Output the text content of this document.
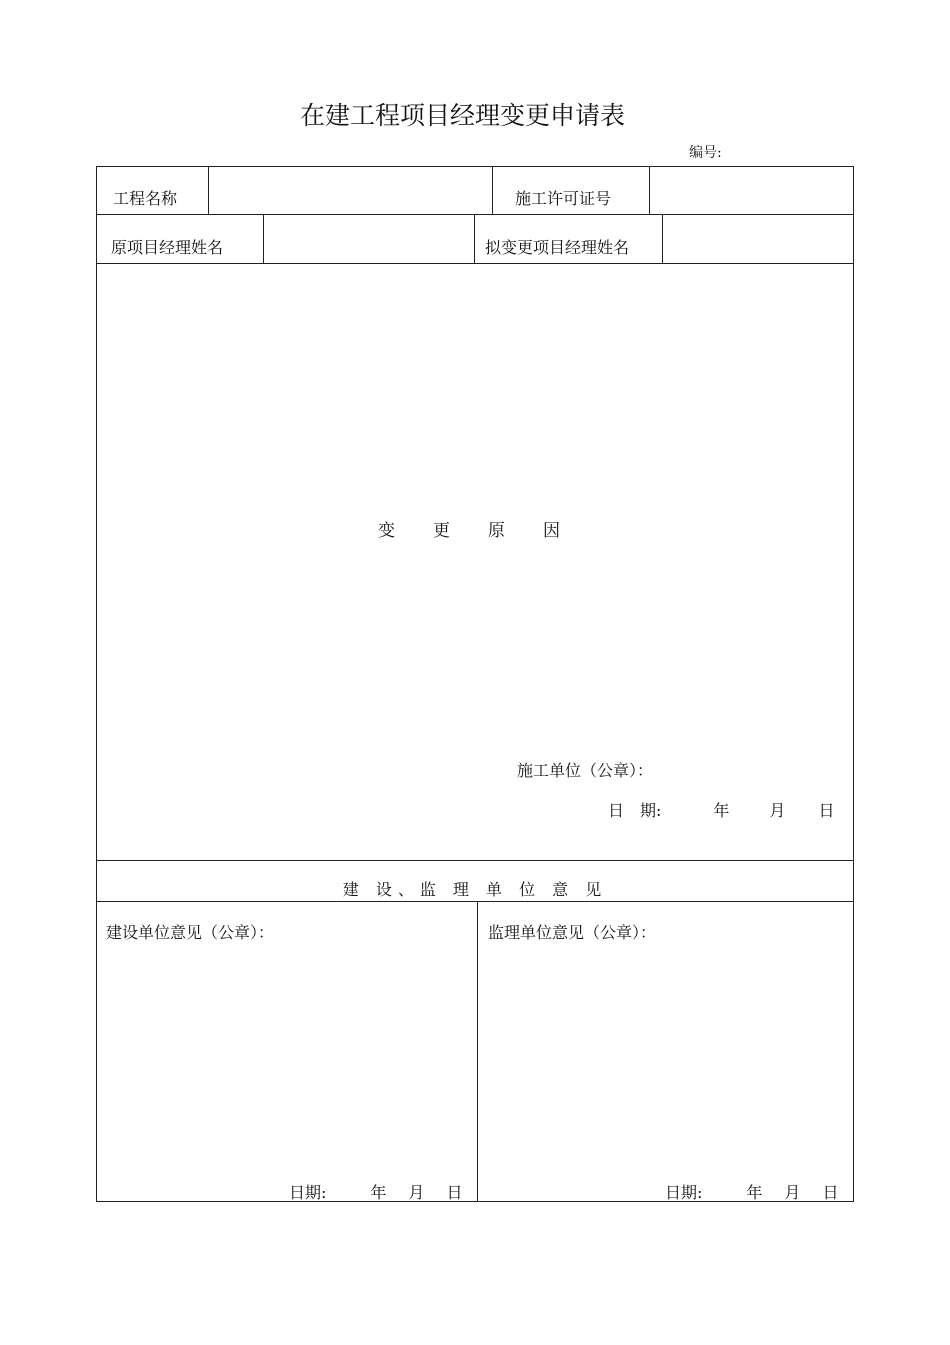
在建工程项目经理变更申请表
编号:
工程名称	施工许可证号
原项目经理姓名	拟变更项目经理姓名
变 更 原 因
施工单位（公章）：
日　期:	年	月 日
建 设、监 理 单 位 意 见
建设单位意见（公章）：
日期:	年 月 日
监理单位意见（公章）：
日期:	年 月 日
